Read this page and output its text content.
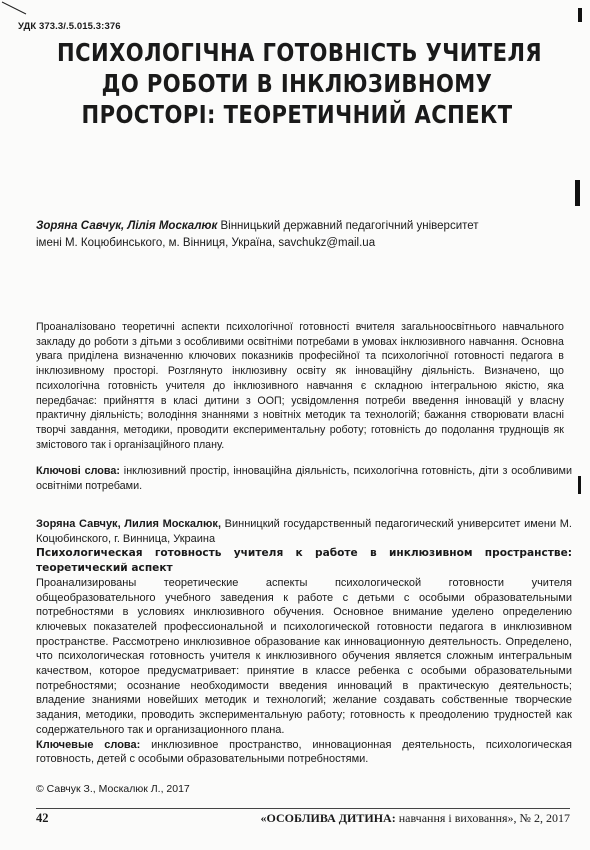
УДК 373.3/.5.015.3:376
ПСИХОЛОГІЧНА ГОТОВНІСТЬ УЧИТЕЛЯ
ДО РОБОТИ В ІНКЛЮЗИВНОМУ
ПРОСТОРІ: ТЕОРЕТИЧНИЙ АСПЕКТ
Зоряна Савчук, Лілія Москалюк Вінницький державний педагогічний університет
імені М. Коцюбинського, м. Вінниця, Україна, savchukz@mail.ua
Проаналізовано теоретичні аспекти психологічної готовності вчителя загальноосвітнього навчального закладу до роботи з дітьми з особливими освітніми потребами в умовах інклюзивного навчання. Основна увага приділена визначенню ключових показників професійної та психологічної готовності педагога в інклюзивному просторі. Розглянуто інклюзивну освіту як інноваційну діяльність. Визначено, що психологічна готовність учителя до інклюзивного навчання є складною інтегральною якістю, яка передбачає: прийняття в класі дитини з ООП; усвідомлення потреби введення інновацій у власну практичну діяльність; володіння знаннями з новітніх методик та технологій; бажання створювати власні творчі завдання, методики, проводити експериментальну роботу; готовність до подолання труднощів як змістового так і організаційного плану.
Ключові слова: інклюзивний простір, інноваційна діяльність, психологічна готовність, діти з особливими освітніми потребами.

Зоряна Савчук, Лилия Москалюк, Винницкий государственный педагогический университет имени М. Коцюбинского, г. Винница, Украина

Психологическая готовность учителя к работе в инклюзивном пространстве: теоретический аспект

Проанализированы теоретические аспекты психологической готовности учителя общеобразовательного учебного заведения к работе с детьми с особыми образовательными потребностями в условиях инклюзивного обучения. Основное внимание уделено определению ключевых показателей профессиональной и психологической готовности педагога в инклюзивном пространстве. Рассмотрено инклюзивное образование как инновационную деятельность. Определено, что психологическая готовность учителя к инклюзивного обучения является сложным интегральным качеством, которое предусматривает: принятие в классе ребенка с особыми образовательными потребностями; осознание необходимости введения инноваций в практическую деятельность; владение знаниями новейших методик и технологий; желание создавать собственные творческие задания, методики, проводить экспериментальную работу; готовность к преодолению трудностей как содержательного так и организационного плана.

Ключевые слова: инклюзивное пространство, инновационная деятельность, психологическая готовность, детей с особыми образовательными потребностями.

© Савчук З., Москалюк Л., 2017
42	«ОСОБЛИВА ДИТИНА: навчання і виховання», № 2, 2017
